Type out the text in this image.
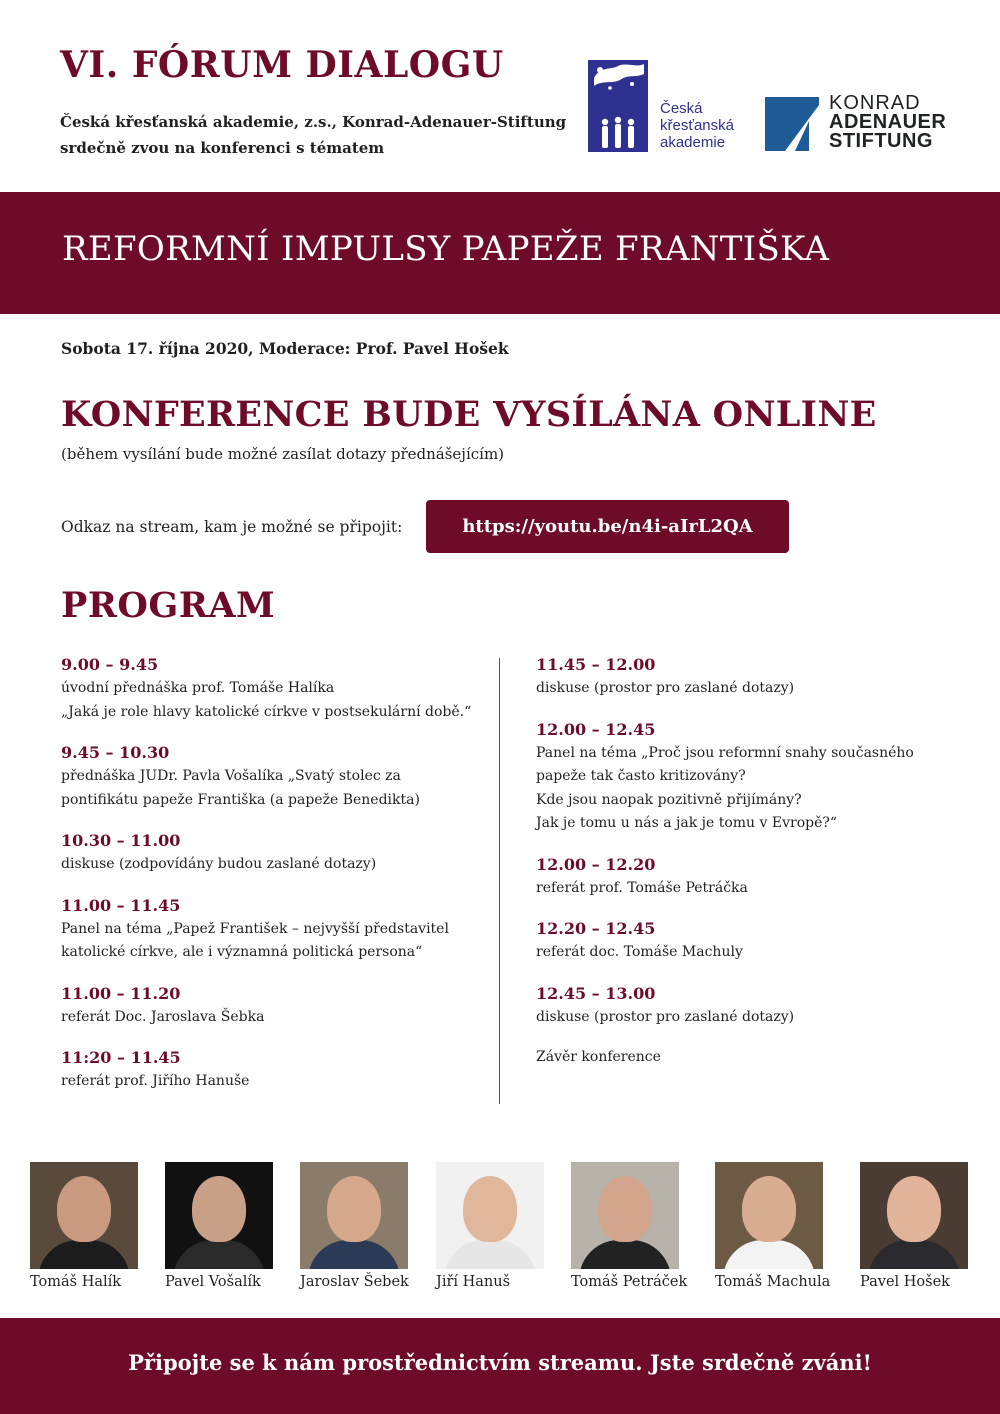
VI. FÓRUM DIALOGU
Česká křesťanská akademie, z.s., Konrad-Adenauer-Stiftung
srdečně zvou na konferenci s tématem
Česká
křesťanská
akademie
KONRAD
ADENAUER
STIFTUNG
REFORMNÍ IMPULSY PAPEŽE FRANTIŠKA
Sobota 17. října 2020, Moderace: Prof. Pavel Hošek
KONFERENCE BUDE VYSÍLÁNA ONLINE
(během vysílání bude možné zasílat dotazy přednášejícím)
Odkaz na stream, kam je možné se připojit:	https://youtu.be/n4i-aIrL2QA
PROGRAM
9.00 – 9.45
úvodní přednáška prof. Tomáše Halíka
„Jaká je role hlavy katolické církve v postsekulární době.“
9.45 – 10.30
přednáška JUDr. Pavla Vošalíka „Svatý stolec za
pontifikátu papeže Františka (a papeže Benedikta)
10.30 – 11.00
diskuse (zodpovídány budou zaslané dotazy)
11.00 – 11.45
Panel na téma „Papež František – nejvyšší představitel
katolické církve, ale i významná politická persona“
11.00 – 11.20
referát Doc. Jaroslava Šebka
11:20 – 11.45
referát prof. Jiřího Hanuše
11.45 – 12.00
diskuse (prostor pro zaslané dotazy)
12.00 – 12.45
Panel na téma „Proč jsou reformní snahy současného
papeže tak často kritizovány?
Kde jsou naopak pozitivně přijímány?
Jak je tomu u nás a jak je tomu v Evropě?“
12.00 – 12.20
referát prof. Tomáše Petráčka
12.20 – 12.45
referát doc. Tomáše Machuly
12.45 – 13.00
diskuse (prostor pro zaslané dotazy)
Závěr konference
Tomáš Halík	Pavel Vošalík	Jaroslav Šebek Jiří Hanuš	Tomáš Petráček Tomáš Machula Pavel Hošek
Připojte se k nám prostřednictvím streamu. Jste srdečně zváni!
